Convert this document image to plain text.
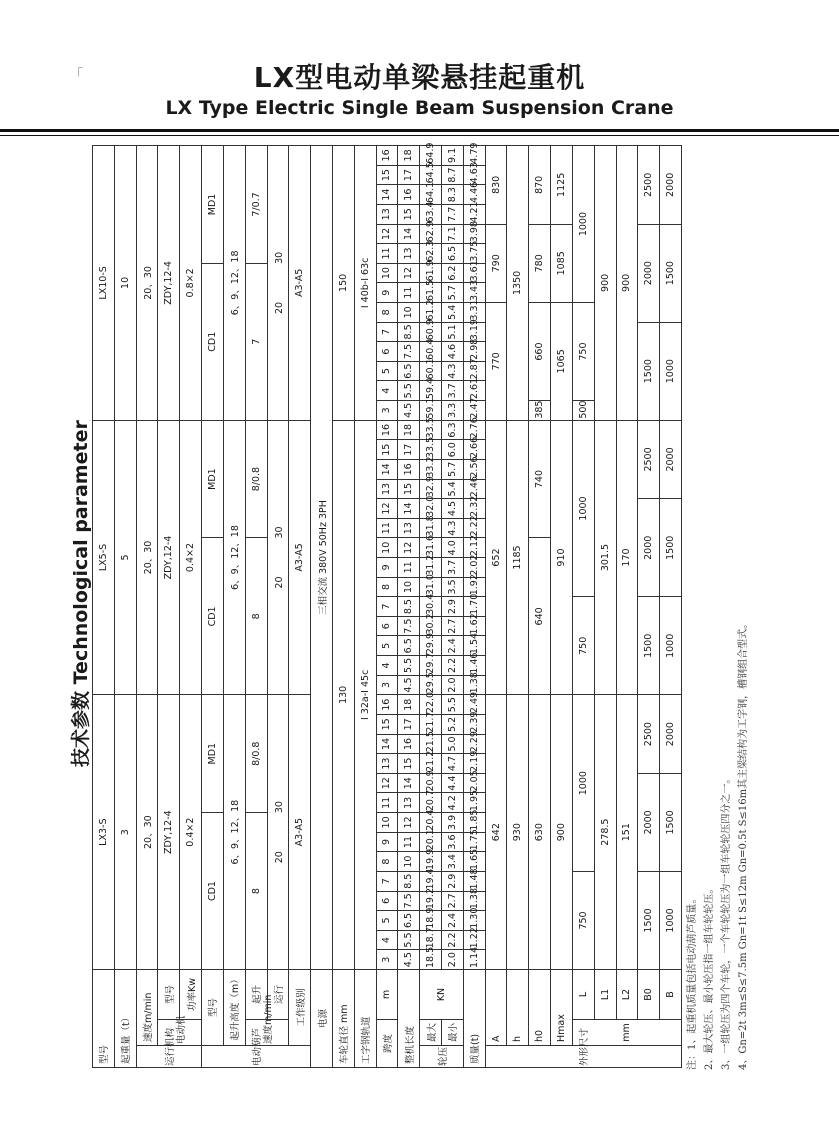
「	LX型电动单梁悬挂起重机
LX Type Electric Single Beam Suspension Crane
技术参数 Technological parameter
型号			LX3-S														LX5-S														LX10-S													
起重量（t）			3														5														10													
运行机构	速度m/min		20、30														20、30														20、30													
	电动机	型号	ZDY,12-4														ZDY,12-4														ZDY,12-4													
		功率Kw	0.4×2														0.4×2														0.8×2													
电动葫芦	型号		CD1								MD1						CD1								MD1						CD1								MD1					
	起升高度（m）		6、9、12、18														6、9、12、18														6、9、12、18													
	速度m/min	起升	8								8/0.8						8								8/0.8						7								7/0.7					
		运行	20　　　　30														20　　　　30														20　　　　30													
	工作级别		A3-A5														A3-A5														A3-A5													
电源			三相交流 380V 50Hz 3PH																																									
车轮直径 mm			130																												150													
工字钢轨道			I 32a-I 45c																												I 40b-I 63c													
跨度		m	3	4	5	6	7	8	9	10	11	12	13	14	15	16	3	4	5	6	7	8	9	10	11	12	13	14	15	16	3	4	5	6	7	8	9	10	11	12	13	14	15	16
整机长度			4.5	5.5	6.5	7.5	8.5	10	11	12	13	14	15	16	17	18	4.5	5.5	6.5	7.5	8.5	10	11	12	13	14	15	16	17	18	4.5	5.5	6.5	7.5	8.5	10	11	12	13	14	15	16	17	18
轮压	最大	KN	18.5	18.7	18.9	19.2	19.4	19.9	20.1	20.4	20.7	20.9	21.2	21.5	21.7	22.0	29.5	29.7	29.9	30.2	30.4	31.0	31.2	31.6	31.8	32.0	32.9	33.2	33.5	33.5	59.1	59.4	60.1	60.4	60.9	61.2	61.5	61.9	62.3	62.9	63.4	64.1	64.5	64.9
	最小		2.0	2.2	2.4	2.7	2.9	3.4	3.6	3.9	4.2	4.4	4.7	5.0	5.2	5.5	2.0	2.2	2.4	2.7	2.9	3.5	3.7	4.0	4.3	4.5	5.4	5.7	6.0	6.3	3.3	3.7	4.3	4.6	5.1	5.4	5.7	6.2	6.5	7.1	7.7	8.3	8.7	9.1
质量(t)			1.14	1.22	1.30	1.38	1.48	1.65	1.75	1.85	1.95	2.05	2.19	2.29	2.39	2.49	1.38	1.46	1.54	1.62	1.70	1.92	2.02	2.12	2.22	2.32	2.46	2.56	2.66	2.76	2.47	2.61	2.87	2.98	3.19	3.31	3.43	3.61	3.75	3.98	4.21	4.46	4.63	4.79
外形尺寸	A		642														652														770						790				830			
	h		930														1185														1350													
	h0		630														640								740						385	660					780				870			
	Hmax		900														910														1065						1085				1125			
	mm	L	750					1000									750					1000									500	750					1000							
		L1	278.5														301.5														900													
		L2	151														170														900													
		B0	1500					2000					2500				1500					2000					2500				1500					2000					2500			
		B	1000					1500					2000				1000					1500					2000				1000					1500					2000			
注：1、起重机质量包括电动葫芦质量。 2、最大轮压、最小轮压指一组车轮轮压。 3、一组轮压为四个车轮，一个车轮轮压为一组车轮轮压四分之一。 4、Gn=2t 3m≤S≤7.5m Gn=1t S≤12m Gn=0.5t S≤16m其主梁结构为工字钢，槽钢组合型式。
